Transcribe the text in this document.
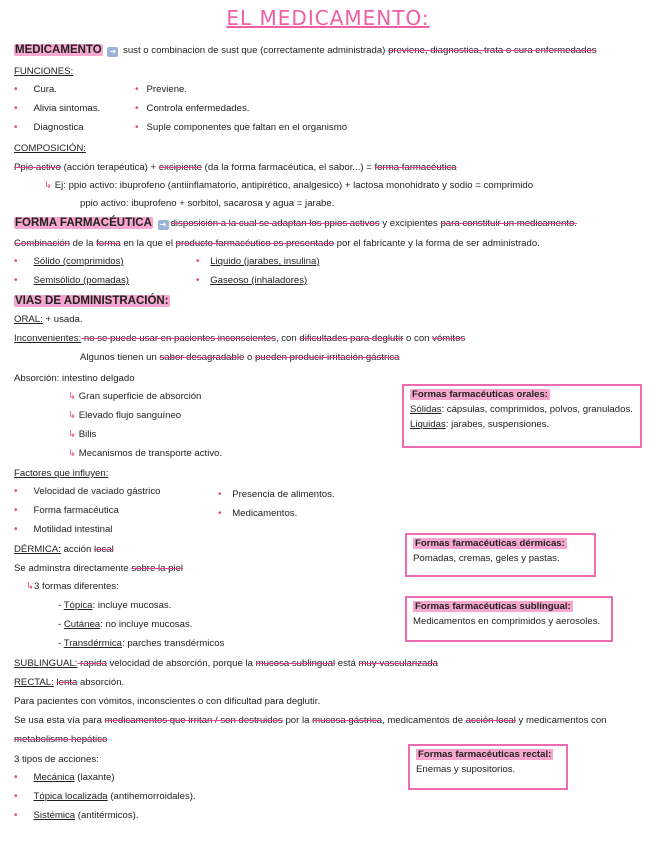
EL MEDICAMENTO:
MEDICAMENTO ➜ sust o combinacion de sust que (correctamente administrada) previene, diagnostica, trata o cura enfermedades
FUNCIONES:
• Cura.
• Alivia sintomas.
• Diagnostica
• Previene.
• Controla enfermedades.
• Suple componentes que faltan en el organismo
COMPOSICIÓN:
Ppio activo (acción terapéutica) + excipiente (da la forma farmacéutica, el sabor...) = forma farmacéutica
↳ Ej: ppio activo: ibuprofeno (antiinflamatorio, antipirético, analgesico) + lactosa monohidrato y sodio = comprimido
ppio activo: ibuprofeno + sorbitol, sacarosa y agua = jarabe.
FORMA FARMACÉUTICA ➜ disposición a la cual se adaptan los ppios activos y excipientes para constituir un medicamento.
Combinación de la forma en la que el producto farmacéutico es presentado por el fabricante y la forma de ser administrado.
• Sólido (comprimidos)
• Semisólido (pomadas)
• Liquido (jarabes, insulina)
• Gaseoso (inhaladores)
VIAS DE ADMINISTRACIÓN:
ORAL: + usada.
Inconvenientes: no se puede usar en pacientes inconscientes, con dificultades para deglutir o con vómitos
Algunos tienen un sabor desagradable o pueden producir irritación gástrica
Absorción: intestino delgado
↳ Gran superficie de absorción
↳ Elevado flujo sanguíneo
↳ Bilis
↳ Mecanismos de transporte activo.
Factores que influyen:
• Velocidad de vaciado gástrico
• Forma farmacéutica
• Motilidad intestinal
• Presencia de alimentos.
• Medicamentos.
DÉRMICA: acción local
Se adminstra directamente sobre la piel
↳3 formas diferentes:
- Tópica: incluye mucosas.
- Cutánea: no incluye mucosas.
- Transdérmica: parches transdérmicos
SUBLINGUAL: rapida velocidad de absorción, porque la mucosa sublingual está muy vascularizada
RECTAL: lenta absorción.
Para pacientes con vómitos, inconscientes o con dificultad para deglutir.
Se usa esta vía para medicamentos que irritan / son destruidos por la mucosa gástrica, medicamentos de acción local y medicamentos con
metabolismo hepático
3 tipos de acciones:
• Mecánica (laxante)
• Tópica localizada (antihemorroidales).
• Sistémica (antitérmicos).
Formas farmacéuticas orales:
Sólidas: cápsulas, comprimidos, polvos, granulados.
Liquidas: jarabes, suspensiones.
Formas farmacéuticas dérmicas:
Pomadas, cremas, geles y pastas.
Formas farmacéuticas sublingual:
Medicamentos en comprimidos y aerosoles.
Formas farmacéuticas rectal:
Enemas y supositorios.
